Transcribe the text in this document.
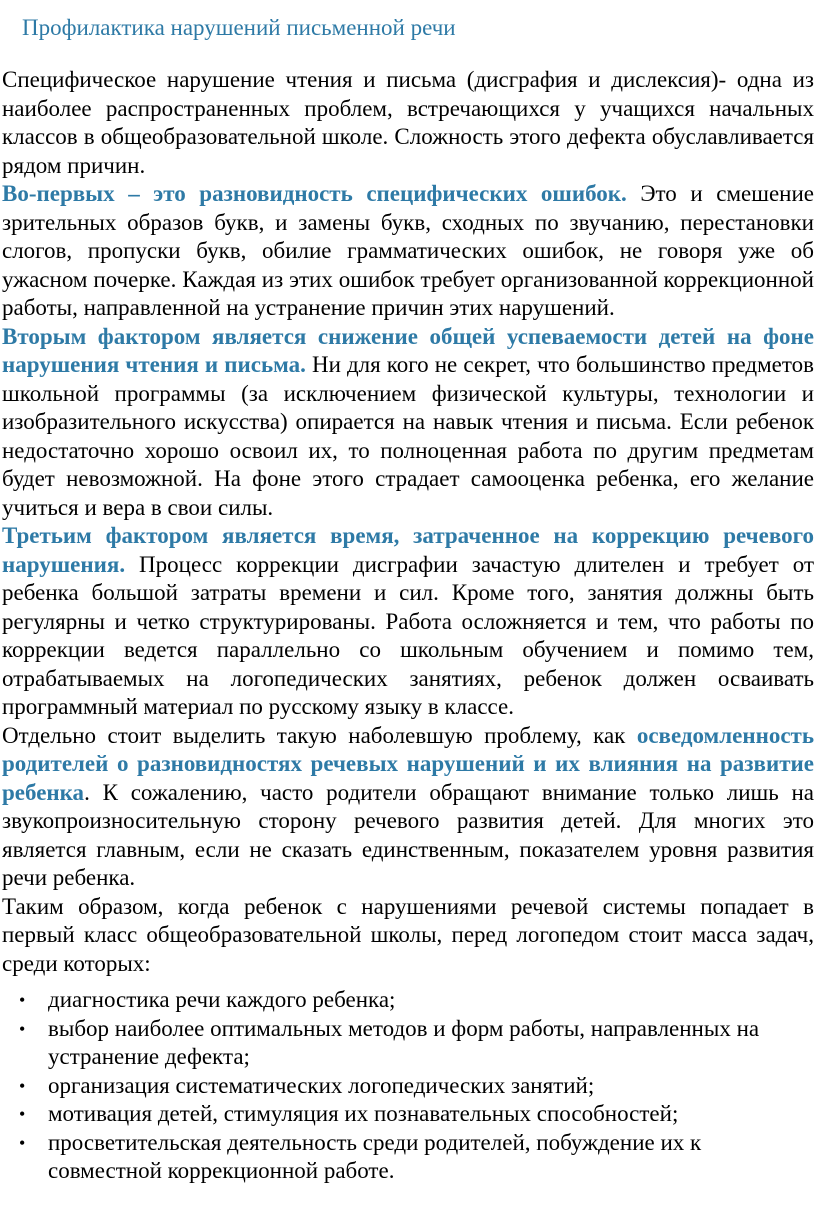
Профилактика нарушений письменной речи

Специфическое нарушение чтения и письма (дисграфия и дислексия)- одна из наиболее распространенных проблем, встречающихся у учащихся начальных классов в общеобразовательной школе. Сложность этого дефекта обуславливается рядом причин.

Во-первых – это разновидность специфических ошибок. Это и смешение зрительных образов букв, и замены букв, сходных по звучанию, перестановки слогов, пропуски букв, обилие грамматических ошибок, не говоря уже об ужасном почерке. Каждая из этих ошибок требует организованной коррекционной работы, направленной на устранение причин этих нарушений.

Вторым фактором является снижение общей успеваемости детей на фоне нарушения чтения и письма. Ни для кого не секрет, что большинство предметов школьной программы (за исключением физической культуры, технологии и изобразительного искусства) опирается на навык чтения и письма. Если ребенок недостаточно хорошо освоил их, то полноценная работа по другим предметам будет невозможной. На фоне этого страдает самооценка ребенка, его желание учиться и вера в свои силы.

Третьим фактором является время, затраченное на коррекцию речевого нарушения. Процесс коррекции дисграфии зачастую длителен и требует от ребенка большой затраты времени и сил. Кроме того, занятия должны быть регулярны и четко структурированы. Работа осложняется и тем, что работы по коррекции ведется параллельно со школьным обучением и помимо тем, отрабатываемых на логопедических занятиях, ребенок должен осваивать программный материал по русскому языку в классе.

Отдельно стоит выделить такую наболевшую проблему, как осведомленность родителей о разновидностях речевых нарушений и их влияния на развитие ребенка. К сожалению, часто родители обращают внимание только лишь на звукопроизносительную сторону речевого развития детей. Для многих это является главным, если не сказать единственным, показателем уровня развития речи ребенка.

Таким образом, когда ребенок с нарушениями речевой системы попадает в первый класс общеобразовательной школы, перед логопедом стоит масса задач, среди которых:

• диагностика речи каждого ребенка;
• выбор наиболее оптимальных методов и форм работы, направленных на устранение дефекта;
• организация систематических логопедических занятий;
• мотивация детей, стимуляция их познавательных способностей;
• просветительская деятельность среди родителей, побуждение их к совместной коррекционной работе.
